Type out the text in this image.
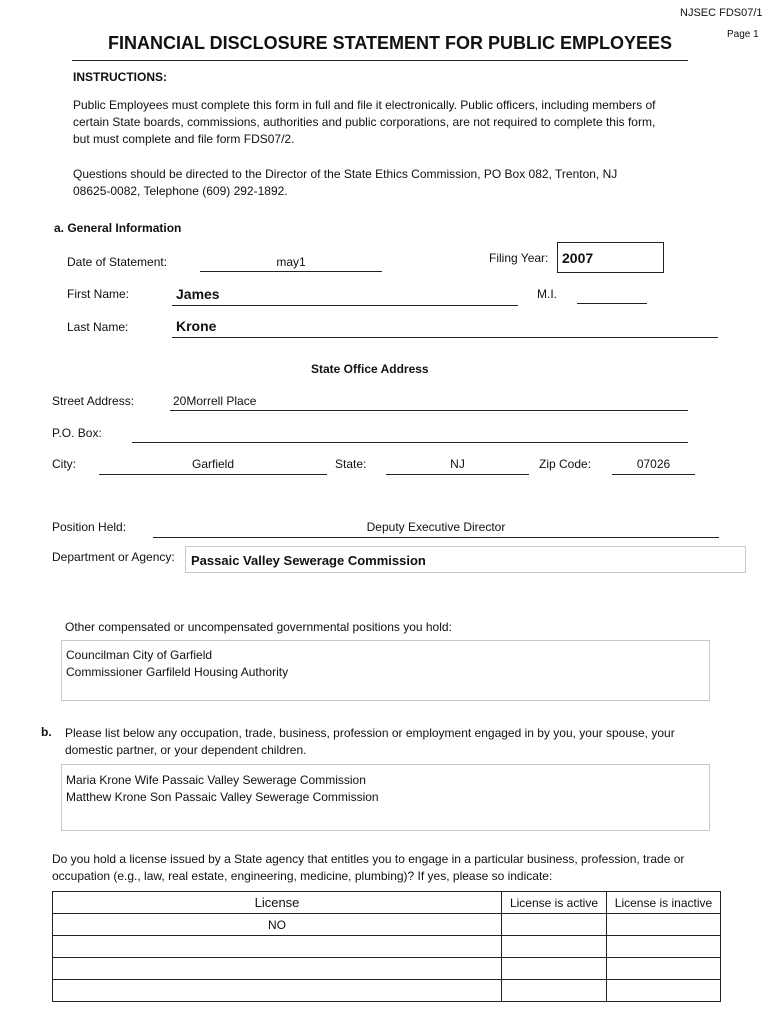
NJSEC FDS07/1
Page 1
FINANCIAL DISCLOSURE STATEMENT FOR PUBLIC EMPLOYEES
INSTRUCTIONS:
Public Employees must complete this form in full and file it electronically. Public officers, including members of
certain State boards, commissions, authorities and public corporations, are not required to complete this form,
but must complete and file form FDS07/2.
Questions should be directed to the Director of the State Ethics Commission, PO Box 082, Trenton, NJ
08625-0082, Telephone (609) 292-1892.
a. General Information
Date of Statement:	may1	Filing Year: 2007
First Name:	James	M.I.
Last Name:	Krone
State Office Address
Street Address:	20Morrell Place
P.O. Box:
City:	Garfield	State:	NJ	Zip Code:	07026
Position Held:	Deputy Executive Director
Department or Agency:	Passaic Valley Sewerage Commission
Other compensated or uncompensated governmental positions you hold:
Councilman City of Garfield
Commissioner Garfileld Housing Authority
b. Please list below any occupation, trade, business, profession or employment engaged in by you, your spouse, your
domestic partner, or your dependent children.
Maria Krone Wife Passaic Valley Sewerage Commission
Matthew Krone Son Passaic Valley Sewerage Commission
Do you hold a license issued by a State agency that entitles you to engage in a particular business, profession, trade or
occupation (e.g., law, real estate, engineering, medicine, plumbing)? If yes, please so indicate:
License	License is active	License is inactive
NO		
